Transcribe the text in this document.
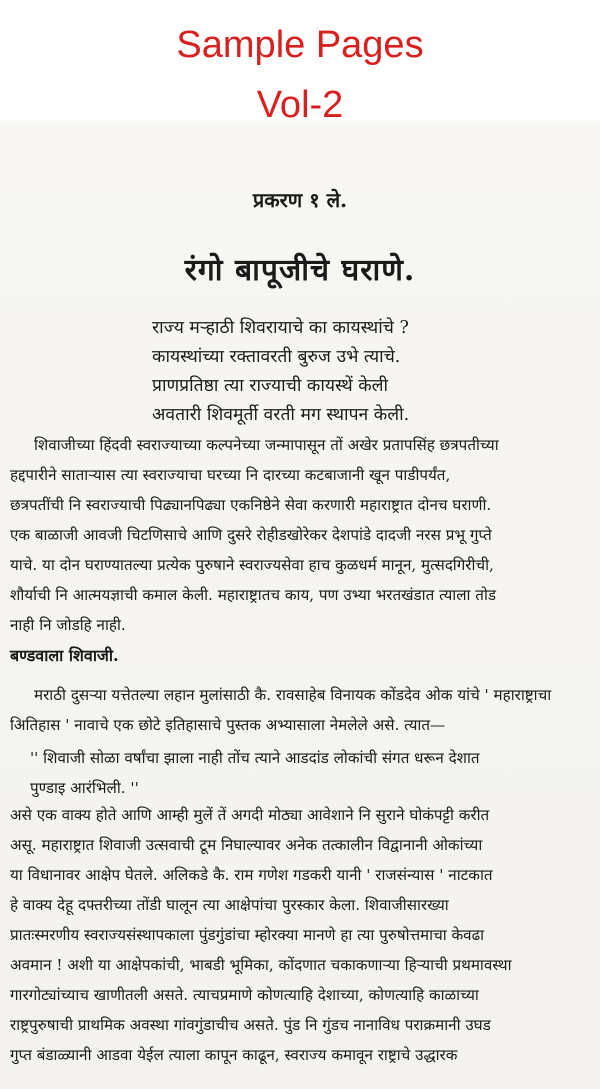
Sample Pages
Vol-2
प्रकरण १ ले.
रंगो बापूजीचे घराणे.
राज्य मऱ्हाठी शिवरायाचे का कायस्थांचे ?
कायस्थांच्या रक्तावरती बुरुज उभे त्याचे.
प्राणप्रतिष्ठा त्या राज्याची कायस्थें केली
अवतारी शिवमूर्ती वरती मग स्थापन केली.
शिवाजीच्या हिंदवी स्वराज्याच्या कल्पनेच्या जन्मापासून तों अखेर प्रतापसिंह छत्रपतीच्या
हद्दपारीने साताऱ्यास त्या स्वराज्याचा घरच्या नि दारच्या कटबाजानी खून पाडीपर्यंत,
छत्रपतींची नि स्वराज्याची पिढ्यानपिढ्या एकनिष्ठेने सेवा करणारी महाराष्ट्रात दोनच घराणी.
एक बाळाजी आवजी चिटणिसाचे आणि दुसरे रोहीडखोरेकर देशपांडे दादजी नरस प्रभू गुप्ते
याचे. या दोन घराण्यातल्या प्रत्येक पुरुषाने स्वराज्यसेवा हाच कुळधर्म मानून, मुत्सदगिरीची,
शौर्याची नि आत्मयज्ञाची कमाल केली. महाराष्ट्रातच काय, पण उभ्या भरतखंडात त्याला तोड
नाही नि जोडहि नाही.
बण्डवाला शिवाजी.
मराठी दुसऱ्या यत्तेतल्या लहान मुलांसाठी कै. रावसाहेब विनायक कोंडदेव ओक यांचे ' महाराष्ट्राचा
अितिहास ' नावाचे एक छोटे इतिहासाचे पुस्तक अभ्यासाला नेमलेले असे. त्यात—
'' शिवाजी सोळा वर्षांचा झाला नाही तोंच त्याने आडदांड लोकांची संगत धरून देशात
पुण्डाइ आरंभिली. ''
असे एक वाक्य होते आणि आम्ही मुलें तें अगदी मोठ्या आवेशाने नि सुराने घोकंपट्टी करीत
असू. महाराष्ट्रात शिवाजी उत्सवाची टूम निघाल्यावर अनेक तत्कालीन विद्वानानी ओकांच्या
या विधानावर आक्षेप घेतले. अलिकडे कै. राम गणेश गडकरी यानी ' राजसंन्यास ' नाटकात
हे वाक्य देहू दफ्तरीच्या तोंडी घालून त्या आक्षेपांचा पुरस्कार केला. शिवाजीसारख्या
प्रातःस्मरणीय स्वराज्यसंस्थापकाला पुंडगुंडांचा म्होरक्या मानणे हा त्या पुरुषोत्तमाचा केवढा
अवमान ! अशी या आक्षेपकांची, भाबडी भूमिका, कोंदणात चकाकणाऱ्या हिऱ्याची प्रथमावस्था
गारगोट्यांच्याच खाणीतली असते. त्याचप्रमाणे कोणत्याहि देशाच्या, कोणत्याहि काळाच्या
राष्ट्रपुरुषाची प्राथमिक अवस्था गांवगुंडाचीच असते. पुंड नि गुंडच नानाविध पराक्रमानी उघड
गुप्त बंडाळ्यानी आडवा येईल त्याला कापून काढून, स्वराज्य कमावून राष्ट्राचे उद्धारक
